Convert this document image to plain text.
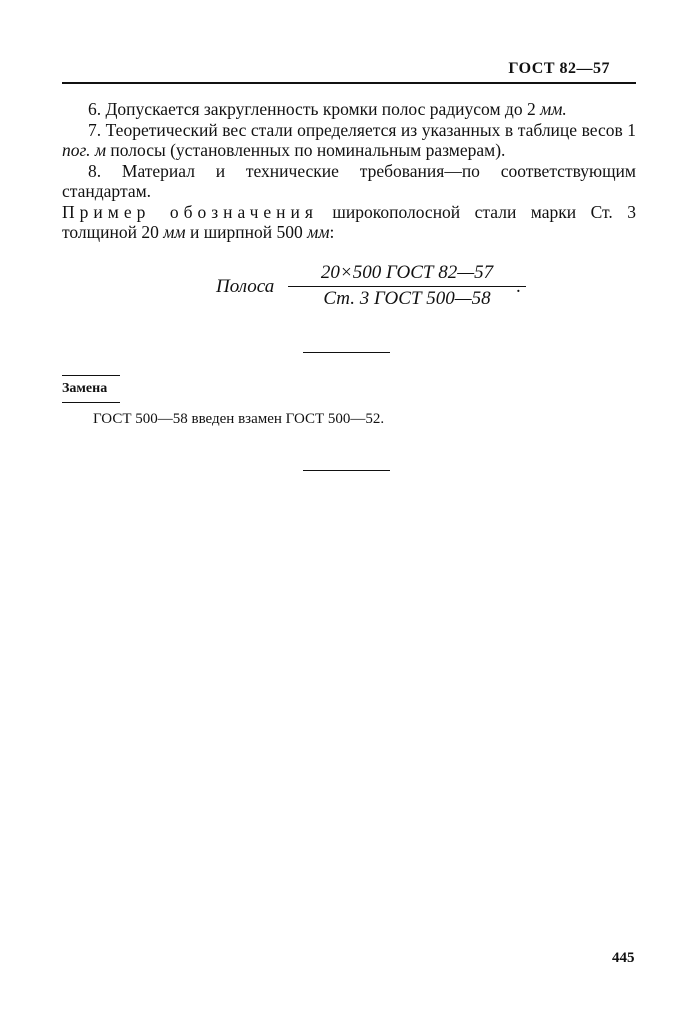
ГОСТ 82—57

6. Допускается закругленность кромки полос радиусом до 2 мм.

7. Теоретический вес стали определяется из указанных в таблице весов 1 пог. м полосы (установленных по номинальным размерам).

8. Материал и технические требования—по соответствующим стандартам.

Пример обозначения широкополосной стали марки Ст. 3 толщиной 20 мм и ширпной 500 мм:

Полоса
20×500 ГОСТ 82—57
Ст. 3 ГОСТ 500—58
.
Замена
ГОСТ 500—58 введен взамен ГОСТ 500—52.
445
